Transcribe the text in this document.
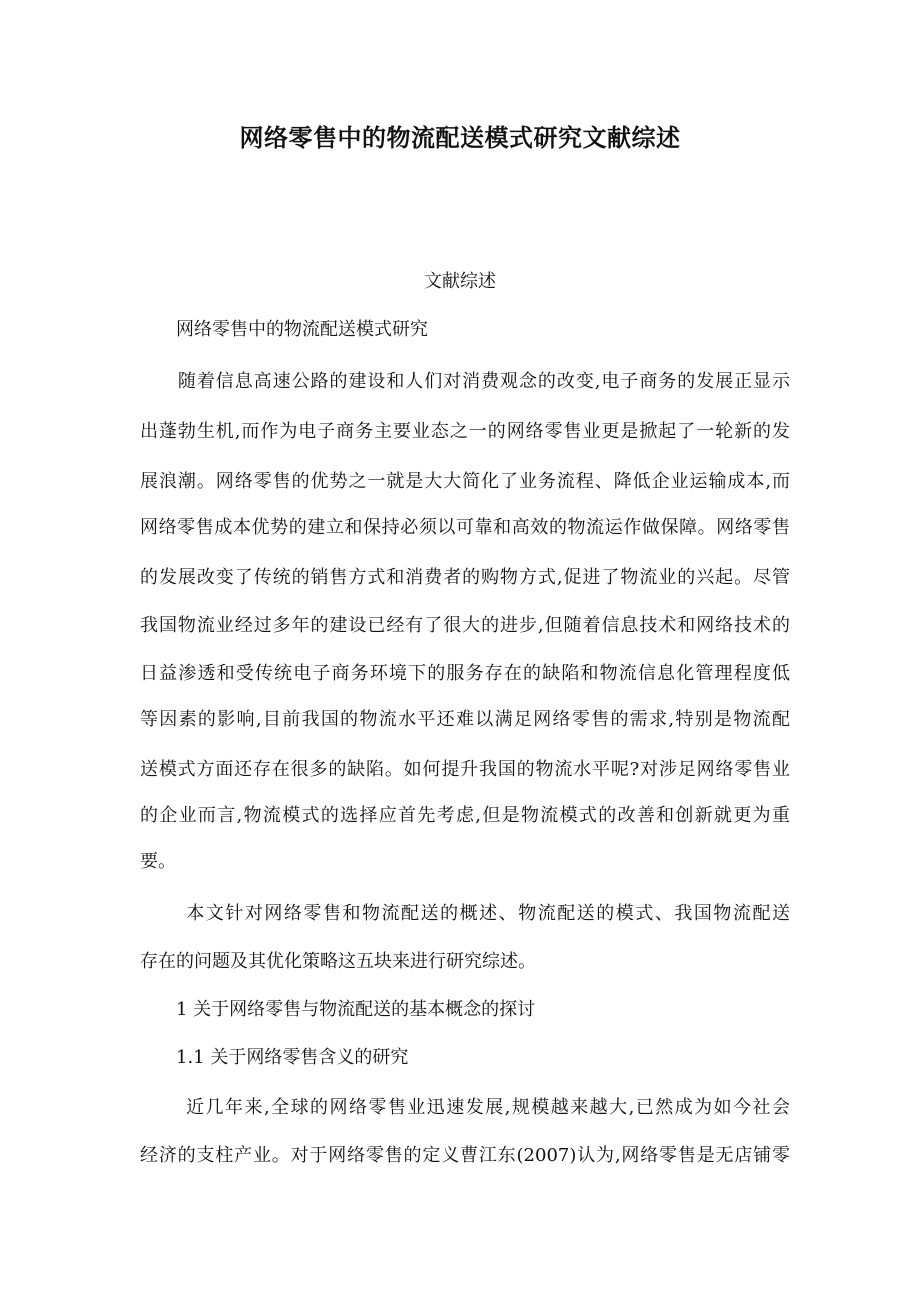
网络零售中的物流配送模式研究文献综述
文献综述
网络零售中的物流配送模式研究
　　随着信息高速公路的建设和人们对消费观念的改变,电子商务的发展正显示
出蓬勃生机,而作为电子商务主要业态之一的网络零售业更是掀起了一轮新的发
展浪潮。网络零售的优势之一就是大大简化了业务流程、降低企业运输成本,而
网络零售成本优势的建立和保持必须以可靠和高效的物流运作做保障。网络零售
的发展改变了传统的销售方式和消费者的购物方式,促进了物流业的兴起。尽管
我国物流业经过多年的建设已经有了很大的进步,但随着信息技术和网络技术的
日益渗透和受传统电子商务环境下的服务存在的缺陷和物流信息化管理程度低
等因素的影响,目前我国的物流水平还难以满足网络零售的需求,特别是物流配
送模式方面还存在很多的缺陷。如何提升我国的物流水平呢?对涉足网络零售业
的企业而言,物流模式的选择应首先考虑,但是物流模式的改善和创新就更为重
要。
　　 本文针对网络零售和物流配送的概述、物流配送的模式、我国物流配送
存在的问题及其优化策略这五块来进行研究综述。
1 关于网络零售与物流配送的基本概念的探讨
1.1 关于网络零售含义的研究
　　 近几年来,全球的网络零售业迅速发展,规模越来越大,已然成为如今社会
经济的支柱产业。对于网络零售的定义曹江东(2007)认为,网络零售是无店铺零
